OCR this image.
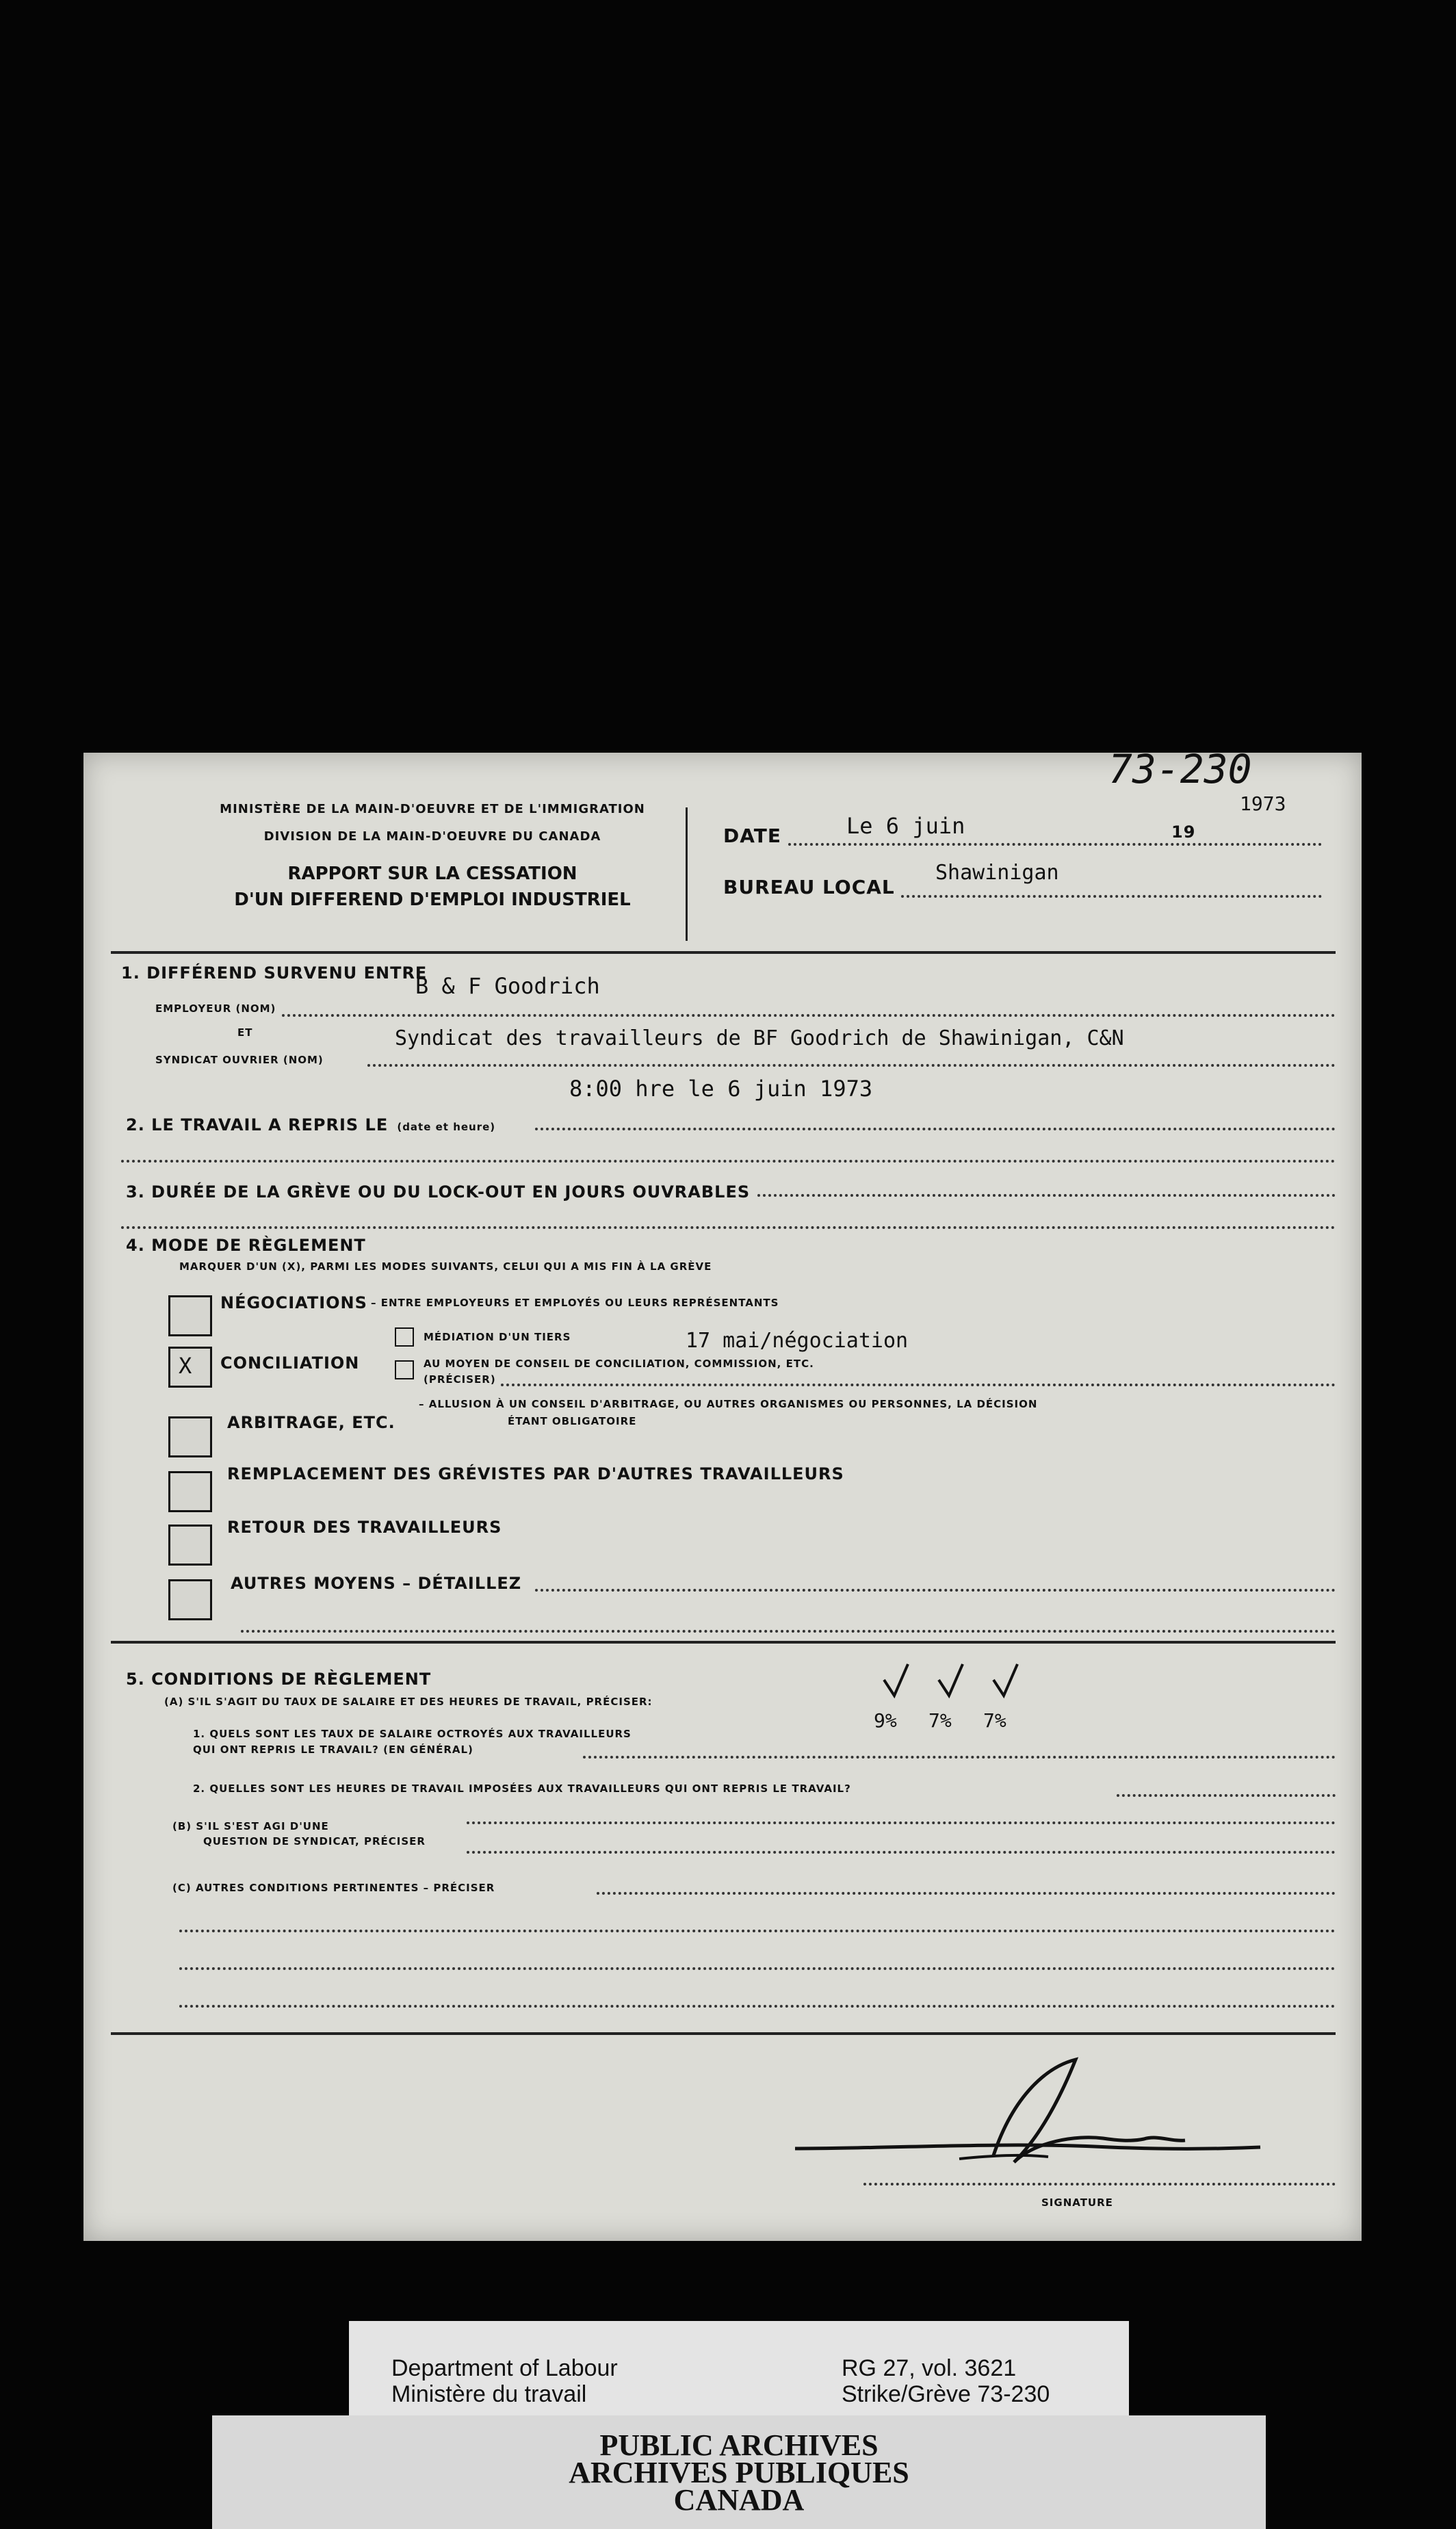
73-230
MINISTÈRE DE LA MAIN-D'OEUVRE ET DE L'IMMIGRATION
DIVISION DE LA MAIN-D'OEUVRE DU CANADA
RAPPORT SUR LA CESSATION
D'UN DIFFEREND D'EMPLOI INDUSTRIEL
DATE	Le 6 juin	19
1973
BUREAU LOCAL
Shawinigan
1. DIFFÉREND SURVENU ENTRE
EMPLOYEUR (NOM)
B & F Goodrich
ET
SYNDICAT OUVRIER (NOM)
Syndicat des travailleurs de BF Goodrich de Shawinigan, C&N
8:00 hre le 6 juin 1973
2. LE TRAVAIL A REPRIS LE (date et heure)
3. DURÉE DE LA GRÈVE OU DU LOCK-OUT EN JOURS OUVRABLES
4. MODE DE RÈGLEMENT
MARQUER D'UN (X), PARMI LES MODES SUIVANTS, CELUI QUI A MIS FIN À LA GRÈVE
NÉGOCIATIONS – ENTRE EMPLOYEURS ET EMPLOYÉS OU LEURS REPRÉSENTANTS
X CONCILIATION
MÉDIATION D'UN TIERS	17 mai/négociation
AU MOYEN DE CONSEIL DE CONCILIATION, COMMISSION, ETC.
(PRÉCISER)
ARBITRAGE, ETC.
– ALLUSION À UN CONSEIL D'ARBITRAGE, OU AUTRES ORGANISMES OU PERSONNES, LA DÉCISION
ÉTANT OBLIGATOIRE
REMPLACEMENT DES GRÉVISTES PAR D'AUTRES TRAVAILLEURS
RETOUR DES TRAVAILLEURS
AUTRES MOYENS – DÉTAILLEZ
5. CONDITIONS DE RÈGLEMENT
(A) S'IL S'AGIT DU TAUX DE SALAIRE ET DES HEURES DE TRAVAIL, PRÉCISER:
9% 7% 7%
1. QUELS SONT LES TAUX DE SALAIRE OCTROYÉS AUX TRAVAILLEURS
QUI ONT REPRIS LE TRAVAIL? (EN GÉNÉRAL)
2. QUELLES SONT LES HEURES DE TRAVAIL IMPOSÉES AUX TRAVAILLEURS QUI ONT REPRIS LE TRAVAIL?
(B) S'IL S'EST AGI D'UNE
QUESTION DE SYNDICAT, PRÉCISER
(C) AUTRES CONDITIONS PERTINENTES – PRÉCISER
SIGNATURE
Department of Labour
Ministère du travail
RG 27, vol. 3621
Strike/Grève 73-230
PUBLIC ARCHIVES
ARCHIVES PUBLIQUES
CANADA
